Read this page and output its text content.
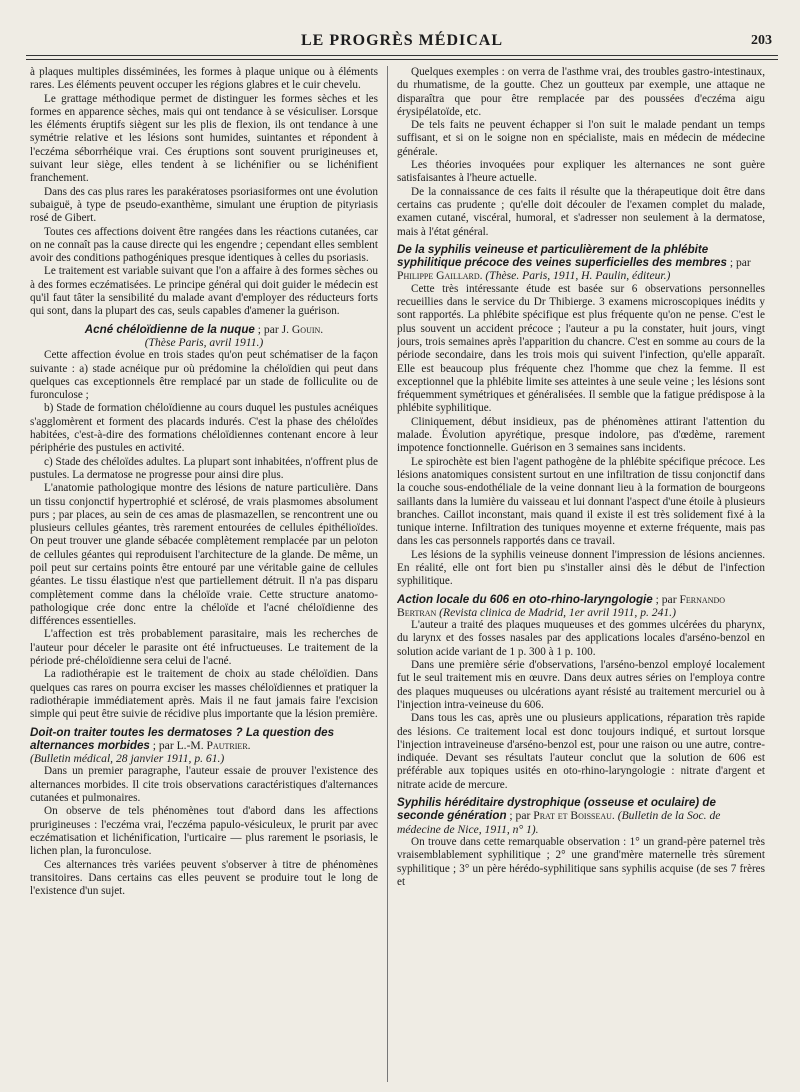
LE PROGRÈS MÉDICAL	203

à plaques multiples disséminées, les formes à plaque unique ou à éléments rares. Les éléments peuvent occuper les régions glabres et le cuir chevelu.

Le grattage méthodique permet de distinguer les formes sèches et les formes en apparence sèches, mais qui ont tendance à se vésiculiser. Lorsque les éléments éruptifs siègent sur les plis de flexion, ils ont tendance à une symétrie relative et les lésions sont humides, suintantes et répondent à l'eczéma séborrhéique vrai. Ces éruptions sont souvent prurigineuses et, suivant leur siège, elles tendent à se lichénifier ou se lichénifient franchement.

Dans des cas plus rares les parakératoses psoriasiformes ont une évolution subaiguë, à type de pseudo-exanthème, simulant une éruption de pityriasis rosé de Gibert.

Toutes ces affections doivent être rangées dans les réactions cutanées, car on ne connaît pas la cause directe qui les engendre ; cependant elles semblent avoir des conditions pathogéniques presque identiques à celles du psoriasis.

Le traitement est variable suivant que l'on a affaire à des formes sèches ou à des formes eczématisées. Le principe général qui doit guider le médecin est qu'il faut tâter la sensibilité du malade avant d'employer des réducteurs forts qui sont, dans la plupart des cas, seuls capables d'amener la guérison.

Acné chéloïdienne de la nuque ; par J. Gouin.
(Thèse Paris, avril 1911.)

Cette affection évolue en trois stades qu'on peut schématiser de la façon suivante : a) stade acnéique pur où prédomine la chéloïdien qui peut dans quelques cas exceptionnels être remplacé par un stade de folliculite ou de furonculose ;

b) Stade de formation chéloïdienne au cours duquel les pustules acnéiques s'agglomèrent et forment des placards indurés. C'est la phase des chéloïdes habitées, c'est-à-dire des formations chéloïdiennes contenant encore à leur périphérie des pustules en activité.

c) Stade des chéloïdes adultes. La plupart sont inhabitées, n'offrent plus de pustules. La dermatose ne progresse pour ainsi dire plus.

L'anatomie pathologique montre des lésions de nature particulière. Dans un tissu conjonctif hypertrophié et sclérosé, de vrais plasmomes absolument purs ; par places, au sein de ces amas de plasmazellen, se rencontrent une ou plusieurs cellules géantes, très rarement entourées de cellules épithélioïdes. On peut trouver une glande sébacée complètement remplacée par un peloton de cellules géantes qui reproduisent l'architecture de la glande. De même, un poil peut sur certains points être entouré par une véritable gaine de cellules géantes. Le tissu élastique n'est que partiellement détruit. Il n'a pas disparu complètement comme dans la chéloïde vraie. Cette structure anatomo-pathologique crée donc entre la chéloïde et l'acné chéloïdienne des différences essentielles.

L'affection est très probablement parasitaire, mais les recherches de l'auteur pour déceler le parasite ont été infructueuses. Le traitement de la période pré-chéloïdienne sera celui de l'acné.

La radiothérapie est le traitement de choix au stade chéloïdien. Dans quelques cas rares on pourra exciser les masses chéloïdiennes et pratiquer la radiothérapie immédiatement après. Mais il ne faut jamais faire l'excision simple qui peut être suivie de récidive plus importante que la lésion première.

Doit-on traiter toutes les dermatoses ? La question des alternances morbides ; par L.-M. Pautrier.
(Bulletin médical, 28 janvier 1911, p. 61.)

Dans un premier paragraphe, l'auteur essaie de prouver l'existence des alternances morbides. Il cite trois observations caractéristiques d'alternances cutanées et pulmonaires.

On observe de tels phénomènes tout d'abord dans les affections prurigineuses : l'eczéma vrai, l'eczéma papulo-vésiculeux, le prurit par avec eczématisation et lichénification, l'urticaire — plus rarement le psoriasis, le lichen plan, la furonculose.

Ces alternances très variées peuvent s'observer à titre de phénomènes transitoires. Dans certains cas elles peuvent se produire tout le long de l'existence d'un sujet.

Quelques exemples : on verra de l'asthme vrai, des troubles gastro-intestinaux, du rhumatisme, de la goutte. Chez un goutteux par exemple, une attaque ne disparaîtra que pour être remplacée par des poussées d'eczéma aigu érysipélatoïde, etc.

De tels faits ne peuvent échapper si l'on suit le malade pendant un temps suffisant, et si on le soigne non en spécialiste, mais en médecin de médecine générale.

Les théories invoquées pour expliquer les alternances ne sont guère satisfaisantes à l'heure actuelle.

De la connaissance de ces faits il résulte que la thérapeutique doit être dans certains cas prudente ; qu'elle doit découler de l'examen complet du malade, examen cutané, viscéral, humoral, et s'adresser non seulement à la dermatose, mais à l'état général.

De la syphilis veineuse et particulièrement de la phlébite syphilitique précoce des veines superficielles des membres ; par Philippe Gaillard. (Thèse. Paris, 1911, H. Paulin, éditeur.)

Cette très intéressante étude est basée sur 6 observations personnelles recueillies dans le service du Dr Thibierge. 3 examens microscopiques inédits y sont rapportés. La phlébite spécifique est plus fréquente qu'on ne pense. C'est le plus souvent un accident précoce ; l'auteur a pu la constater, huit jours, vingt jours, trois semaines après l'apparition du chancre. C'est en somme au cours de la période secondaire, dans les trois mois qui suivent l'infection, qu'elle apparaît. Elle est beaucoup plus fréquente chez l'homme que chez la femme. Il est exceptionnel que la phlébite limite ses atteintes à une seule veine ; les lésions sont fréquemment symétriques et généralisées. Il semble que la fatigue prédispose à la phlébite syphilitique.

Cliniquement, début insidieux, pas de phénomènes attirant l'attention du malade. Évolution apyrétique, presque indolore, pas d'œdème, rarement impotence fonctionnelle. Guérison en 3 semaines sans incidents.

Le spirochète est bien l'agent pathogène de la phlébite spécifique précoce. Les lésions anatomiques consistent surtout en une infiltration de tissu conjonctif dans la couche sous-endothéliale de la veine donnant lieu à la formation de bourgeons saillants dans la lumière du vaisseau et lui donnant l'aspect d'une étoile à plusieurs branches. Caillot inconstant, mais quand il existe il est très solidement fixé à la tunique interne. Infiltration des tuniques moyenne et externe fréquente, mais pas dans les cas personnels rapportés dans ce travail.

Les lésions de la syphilis veineuse donnent l'impression de lésions anciennes. En réalité, elle ont fort bien pu s'installer ainsi dès le début de l'infection syphilitique.

Action locale du 606 en oto-rhino-laryngologie ; par Fernando Bertran (Revista clinica de Madrid, 1er avril 1911, p. 241.)

L'auteur a traité des plaques muqueuses et des gommes ulcérées du pharynx, du larynx et des fosses nasales par des applications locales d'arséno-benzol en solution acide variant de 1 p. 300 à 1 p. 100.

Dans une première série d'observations, l'arséno-benzol employé localement fut le seul traitement mis en œuvre. Dans deux autres séries on l'employa contre des plaques muqueuses ou ulcérations ayant résisté au traitement mercuriel ou à l'injection intra-veineuse du 606.

Dans tous les cas, après une ou plusieurs applications, réparation très rapide des lésions. Ce traitement local est donc toujours indiqué, et surtout lorsque l'injection intraveineuse d'arséno-benzol est, pour une raison ou une autre, contre-indiquée. Devant ses résultats l'auteur conclut que la solution de 606 est préférable aux topiques usités en oto-rhino-laryngologie : nitrate d'argent et nitrate acide de mercure.

Syphilis héréditaire dystrophique (osseuse et oculaire) de seconde génération ; par Prat et Boisseau. (Bulletin de la Soc. de médecine de Nice, 1911, n° 1).

On trouve dans cette remarquable observation : 1° un grand-père paternel très vraisemblablement syphilitique ; 2° une grand'mère maternelle très sûrement syphilitique ; 3° un père hérédo-syphilitique sans syphilis acquise (de ses 7 frères et
